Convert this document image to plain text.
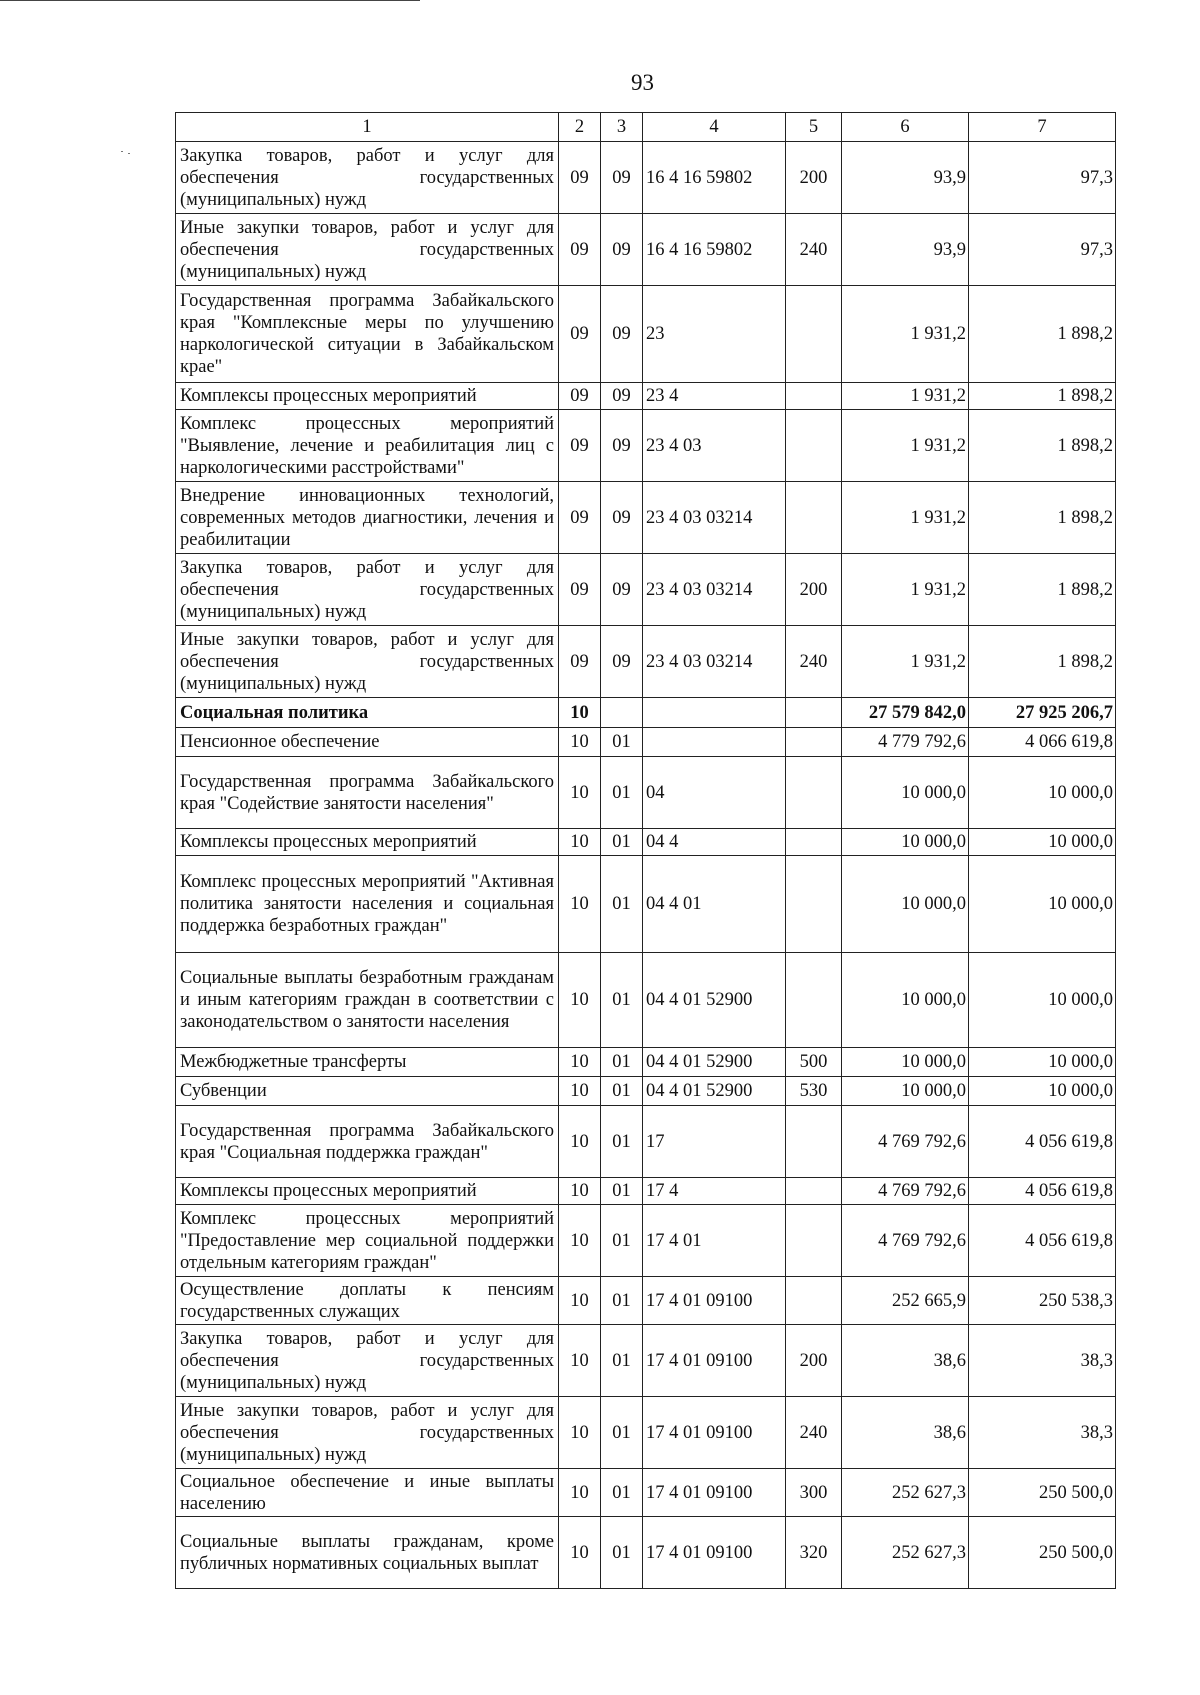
93
1	2	3	4	5	6	7
Закупка товаров, работ и услуг для обеспечения государственных (муниципальных) нужд	09	09	16 4 16 59802	200	93,9	97,3
Иные закупки товаров, работ и услуг для обеспечения государственных (муниципальных) нужд	09	09	16 4 16 59802	240	93,9	97,3
Государственная программа Забайкальского края "Комплексные меры по улучшению наркологической ситуации в Забайкальском крае"	09	09	23		1 931,2	1 898,2
Комплексы процессных мероприятий	09	09	23 4		1 931,2	1 898,2
Комплекс процессных мероприятий "Выявление, лечение и реабилитация лиц с наркологическими расстройствами"	09	09	23 4 03		1 931,2	1 898,2
Внедрение инновационных технологий, современных методов диагностики, лечения и реабилитации	09	09	23 4 03 03214		1 931,2	1 898,2
Закупка товаров, работ и услуг для обеспечения государственных (муниципальных) нужд	09	09	23 4 03 03214	200	1 931,2	1 898,2
Иные закупки товаров, работ и услуг для обеспечения государственных (муниципальных) нужд	09	09	23 4 03 03214	240	1 931,2	1 898,2
Социальная политика	10				27 579 842,0	27 925 206,7
Пенсионное обеспечение	10	01			4 779 792,6	4 066 619,8
Государственная программа Забайкальского края "Содействие занятости населения"	10	01	04		10 000,0	10 000,0
Комплексы процессных мероприятий	10	01	04 4		10 000,0	10 000,0
Комплекс процессных мероприятий "Активная политика занятости населения и социальная поддержка безработных граждан"	10	01	04 4 01		10 000,0	10 000,0
Социальные выплаты безработным гражданам и иным категориям граждан в соответствии с законодательством о занятости населения	10	01	04 4 01 52900		10 000,0	10 000,0
Межбюджетные трансферты	10	01	04 4 01 52900	500	10 000,0	10 000,0
Субвенции	10	01	04 4 01 52900	530	10 000,0	10 000,0
Государственная программа Забайкальского края "Социальная поддержка граждан"	10	01	17		4 769 792,6	4 056 619,8
Комплексы процессных мероприятий	10	01	17 4		4 769 792,6	4 056 619,8
Комплекс процессных мероприятий "Предоставление мер социальной поддержки отдельным категориям граждан"	10	01	17 4 01		4 769 792,6	4 056 619,8
Осуществление доплаты к пенсиям государственных служащих	10	01	17 4 01 09100		252 665,9	250 538,3
Закупка товаров, работ и услуг для обеспечения государственных (муниципальных) нужд	10	01	17 4 01 09100	200	38,6	38,3
Иные закупки товаров, работ и услуг для обеспечения государственных (муниципальных) нужд	10	01	17 4 01 09100	240	38,6	38,3
Социальное обеспечение и иные выплаты населению	10	01	17 4 01 09100	300	252 627,3	250 500,0
Социальные выплаты гражданам, кроме публичных нормативных социальных выплат	10	01	17 4 01 09100	320	252 627,3	250 500,0
